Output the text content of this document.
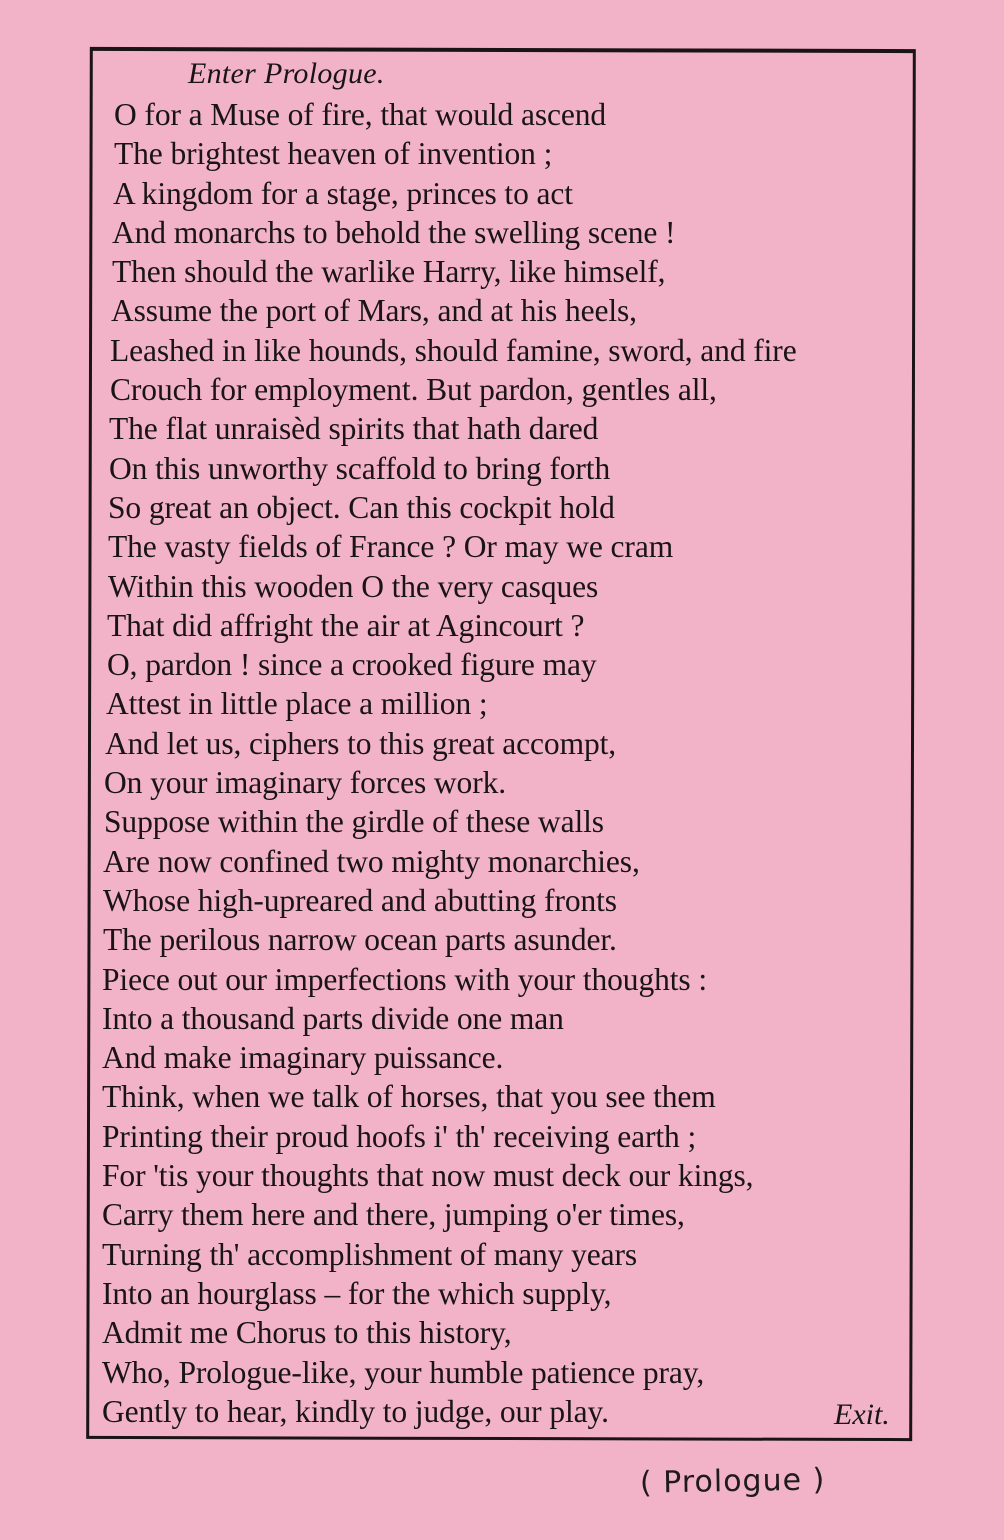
Enter Prologue.
O for a Muse of fire, that would ascend
The brightest heaven of invention ;
A kingdom for a stage, princes to act
And monarchs to behold the swelling scene !
Then should the warlike Harry, like himself,
Assume the port of Mars, and at his heels,
Leashed in like hounds, should famine, sword, and fire
Crouch for employment. But pardon, gentles all,
The flat unraisèd spirits that hath dared
On this unworthy scaffold to bring forth
So great an object. Can this cockpit hold
The vasty fields of France ? Or may we cram
Within this wooden O the very casques
That did affright the air at Agincourt ?
O, pardon ! since a crooked figure may
Attest in little place a million ;
And let us, ciphers to this great accompt,
On your imaginary forces work.
Suppose within the girdle of these walls
Are now confined two mighty monarchies,
Whose high-upreared and abutting fronts
The perilous narrow ocean parts asunder.
Piece out our imperfections with your thoughts :
Into a thousand parts divide one man
And make imaginary puissance.
Think, when we talk of horses, that you see them
Printing their proud hoofs i' th' receiving earth ;
For 'tis your thoughts that now must deck our kings,
Carry them here and there, jumping o'er times,
Turning th' accomplishment of many years
Into an hourglass – for the which supply,
Admit me Chorus to this history,
Who, Prologue-like, your humble patience pray,
Gently to hear, kindly to judge, our play.	Exit.
( Prologue )
